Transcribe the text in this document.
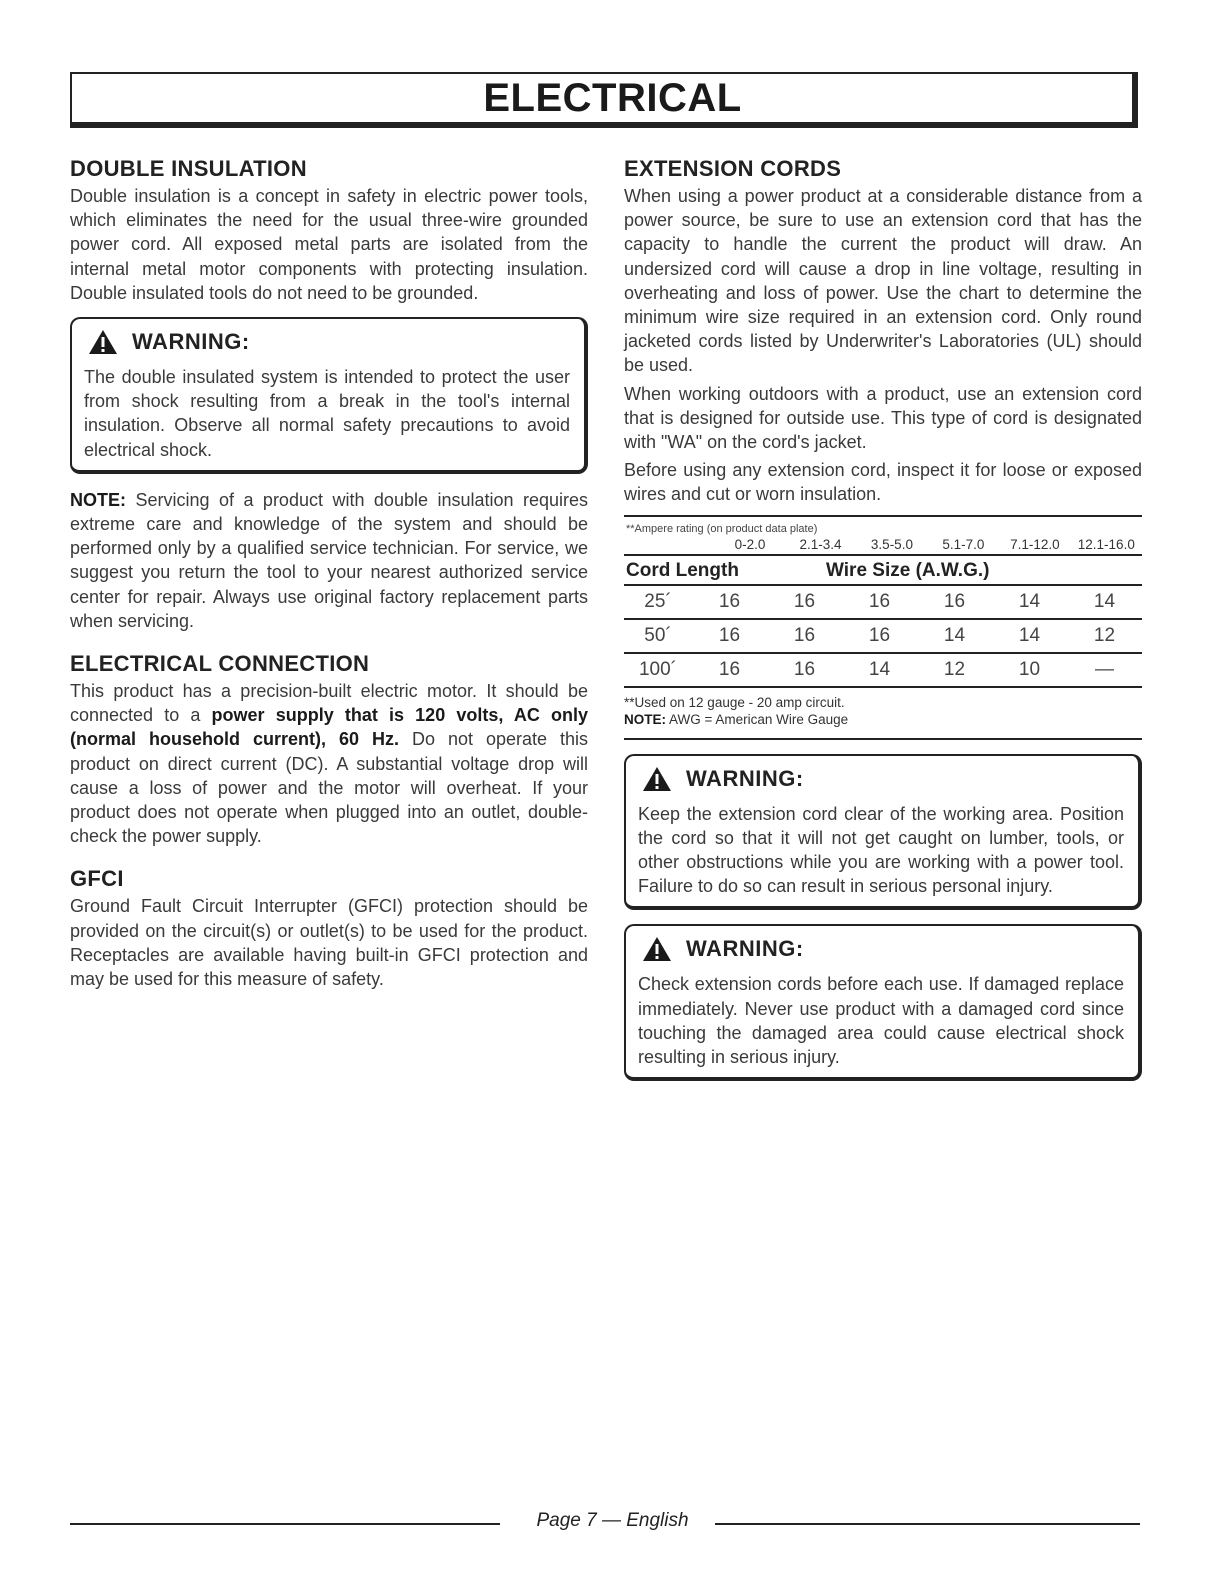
ELECTRICAL
DOUBLE INSULATION

Double insulation is a concept in safety in electric power tools, which eliminates the need for the usual three-wire grounded power cord. All exposed metal parts are isolated from the internal metal motor components with protecting insulation. Double insulated tools do not need to be grounded.

WARNING:

The double insulated system is intended to protect the user from shock resulting from a break in the tool's internal insulation. Observe all normal safety precautions to avoid electrical shock.

NOTE: Servicing of a product with double insulation requires extreme care and knowledge of the system and should be performed only by a qualified service technician. For service, we suggest you return the tool to your nearest authorized service center for repair. Always use original factory replacement parts when servicing.

ELECTRICAL CONNECTION

This product has a precision-built electric motor. It should be connected to a power supply that is 120 volts, AC only (normal household current), 60 Hz. Do not operate this product on direct current (DC). A substantial voltage drop will cause a loss of power and the motor will overheat. If your product does not operate when plugged into an outlet, double-check the power supply.

GFCI

Ground Fault Circuit Interrupter (GFCI) protection should be provided on the circuit(s) or outlet(s) to be used for the product. Receptacles are available having built-in GFCI protection and may be used for this measure of safety.

EXTENSION CORDS

When using a power product at a considerable distance from a power source, be sure to use an extension cord that has the capacity to handle the current the product will draw. An undersized cord will cause a drop in line voltage, resulting in overheating and loss of power. Use the chart to determine the minimum wire size required in an extension cord. Only round jacketed cords listed by Underwriter's Laboratories (UL) should be used.

When working outdoors with a product, use an extension cord that is designed for outside use. This type of cord is designated with "WA" on the cord's jacket.

Before using any extension cord, inspect it for loose or exposed wires and cut or worn insulation.

**Ampere rating (on product data plate)
0-2.0	2.1-3.4	3.5-5.0	5.1-7.0	7.1-12.0	12.1-16.0
Cord Length	Wire Size (A.W.G.)
25´	16	16	16	16	14	14
50´	16	16	16	14	14	12
100´	16	16	14	12	10	—
**Used on 12 gauge - 20 amp circuit.
NOTE: AWG = American Wire Gauge
WARNING:

Keep the extension cord clear of the working area. Position the cord so that it will not get caught on lumber, tools, or other obstructions while you are working with a power tool. Failure to do so can result in serious personal injury.

WARNING:

Check extension cords before each use. If damaged replace immediately. Never use product with a damaged cord since touching the damaged area could cause electrical shock resulting in serious injury.

Page 7 — English
